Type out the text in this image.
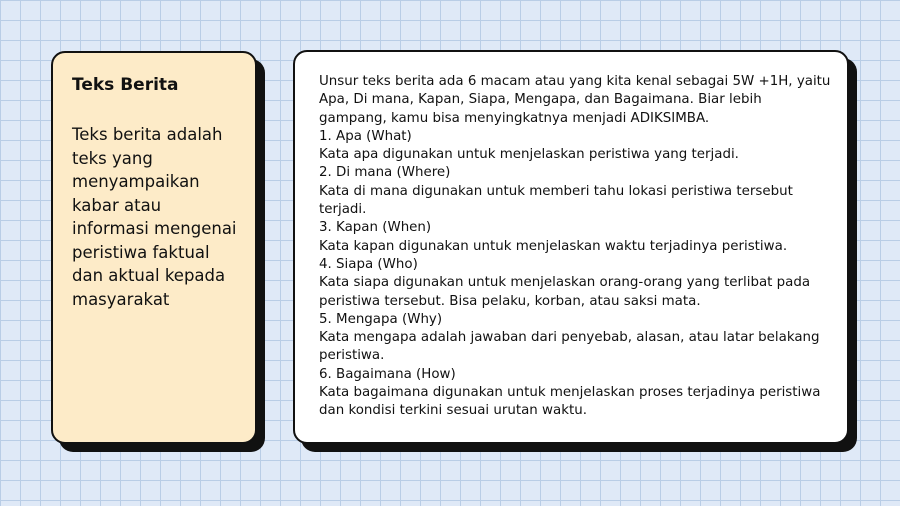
Teks Berita

Teks berita adalah teks yang menyampaikan kabar atau informasi mengenai peristiwa faktual dan aktual kepada masyarakat

Unsur teks berita ada 6 macam atau yang kita kenal sebagai 5W +1H, yaitu

Apa, Di mana, Kapan, Siapa, Mengapa, dan Bagaimana. Biar lebih

gampang, kamu bisa menyingkatnya menjadi ADIKSIMBA.

1. Apa (What)

Kata apa digunakan untuk menjelaskan peristiwa yang terjadi.

2. Di mana (Where)

Kata di mana digunakan untuk memberi tahu lokasi peristiwa tersebut

terjadi.

3. Kapan (When)

Kata kapan digunakan untuk menjelaskan waktu terjadinya peristiwa.

4. Siapa (Who)

Kata siapa digunakan untuk menjelaskan orang-orang yang terlibat pada

peristiwa tersebut. Bisa pelaku, korban, atau saksi mata.

5. Mengapa (Why)

Kata mengapa adalah jawaban dari penyebab, alasan, atau latar belakang

peristiwa.

6. Bagaimana (How)

Kata bagaimana digunakan untuk menjelaskan proses terjadinya peristiwa

dan kondisi terkini sesuai urutan waktu.
